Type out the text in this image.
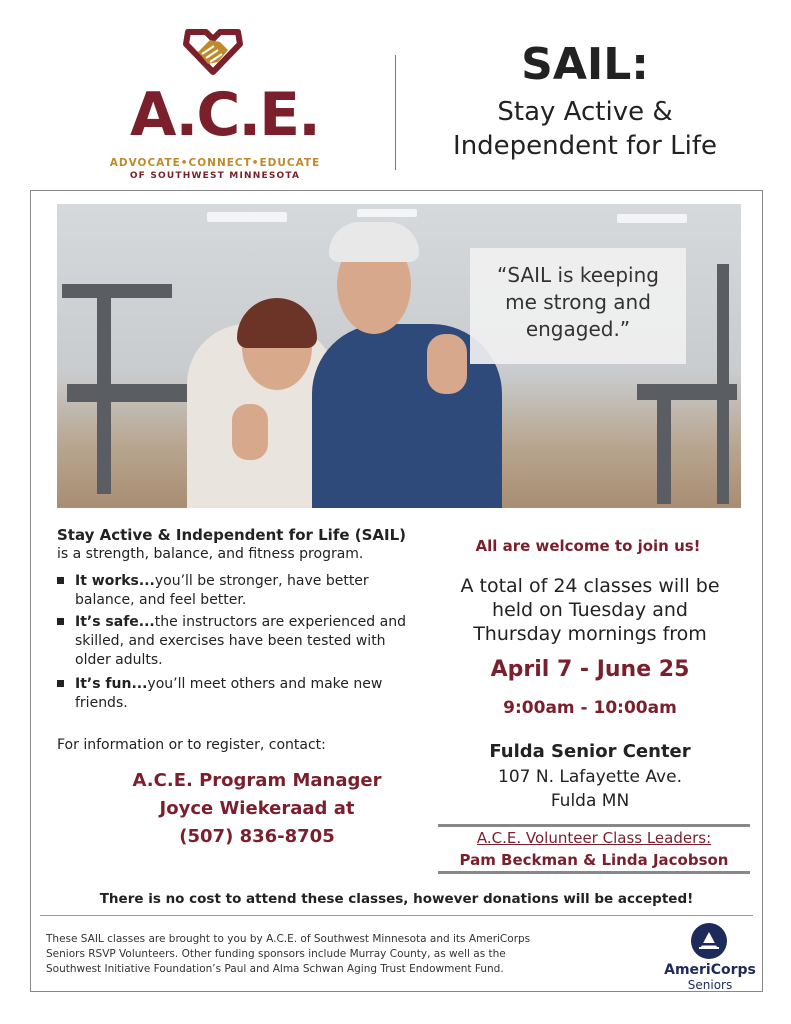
A.C.E.
ADVOCATE•CONNECT•EDUCATE
OF SOUTHWEST MINNESOTA
SAIL:
Stay Active &
Independent for Life
“SAIL is keeping
me strong and
engaged.”
Stay Active & Independent for Life (SAIL)
is a strength, balance, and fitness program.
It works...you’ll be stronger, have better balance, and feel better.
It’s safe...the instructors are experienced and skilled, and exercises have been tested with older adults.
It’s fun...you’ll meet others and make new friends.
For information or to register, contact:
A.C.E. Program Manager
Joyce Wiekeraad at
(507) 836-8705
All are welcome to join us!
A total of 24 classes will be
held on Tuesday and
Thursday mornings from
April 7 - June 25
9:00am - 10:00am
Fulda Senior Center
107 N. Lafayette Ave.
Fulda MN
A.C.E. Volunteer Class Leaders:
Pam Beckman & Linda Jacobson
There is no cost to attend these classes, however donations will be accepted!
These SAIL classes are brought to you by A.C.E. of Southwest Minnesota and its AmeriCorps
Seniors RSVP Volunteers. Other funding sponsors include Murray County, as well as the
Southwest Initiative Foundation’s Paul and Alma Schwan Aging Trust Endowment Fund.	AmeriCorps
Seniors
